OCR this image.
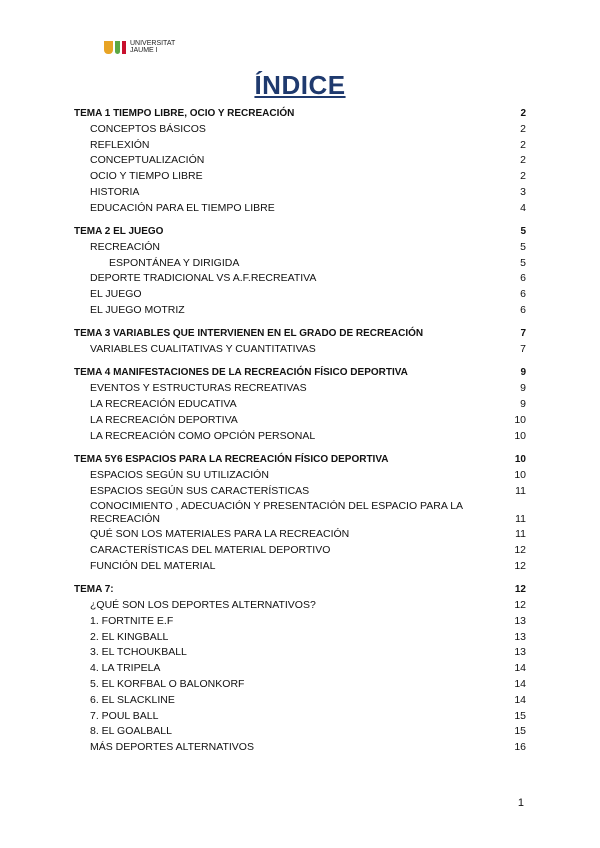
UNIVERSITAT
JAUME I
ÍNDICE
TEMA 1 TIEMPO LIBRE, OCIO Y RECREACIÓN	2
CONCEPTOS BÁSICOS	2
REFLEXIÓN	2
CONCEPTUALIZACIÓN	2
OCIO Y TIEMPO LIBRE	2
HISTORIA	3
EDUCACIÓN PARA EL TIEMPO LIBRE	4
TEMA 2 EL JUEGO	5
RECREACIÓN	5
ESPONTÁNEA Y DIRIGIDA	5
DEPORTE TRADICIONAL VS A.F.RECREATIVA	6
EL JUEGO	6
EL JUEGO MOTRIZ	6
TEMA 3 VARIABLES QUE INTERVIENEN EN EL GRADO DE RECREACIÓN	7
VARIABLES CUALITATIVAS Y CUANTITATIVAS	7
TEMA 4 MANIFESTACIONES DE LA RECREACIÓN FÍSICO DEPORTIVA	9
EVENTOS Y ESTRUCTURAS RECREATIVAS	9
LA RECREACIÓN EDUCATIVA	9
LA RECREACIÓN DEPORTIVA	10
LA RECREACIÓN COMO OPCIÓN PERSONAL	10
TEMA 5Y6 ESPACIOS PARA LA RECREACIÓN FÍSICO DEPORTIVA	10
ESPACIOS SEGÚN SU UTILIZACIÓN	10
ESPACIOS SEGÚN SUS CARACTERÍSTICAS	11
CONOCIMIENTO , ADECUACIÓN Y PRESENTACIÓN DEL ESPACIO PARA LA RECREACIÓN	11
QUÉ SON LOS MATERIALES PARA LA RECREACIÓN	11
CARACTERÍSTICAS DEL MATERIAL DEPORTIVO	12
FUNCIÓN DEL MATERIAL	12
TEMA 7:	12
¿QUÉ SON LOS DEPORTES ALTERNATIVOS?	12
1. FORTNITE E.F	13
2. EL KINGBALL	13
3. EL TCHOUKBALL	13
4. LA TRIPELA	14
5. EL KORFBAL O BALONKORF	14
6. EL SLACKLINE	14
7. POUL BALL	15
8. EL GOALBALL	15
MÁS DEPORTES ALTERNATIVOS	16
1
